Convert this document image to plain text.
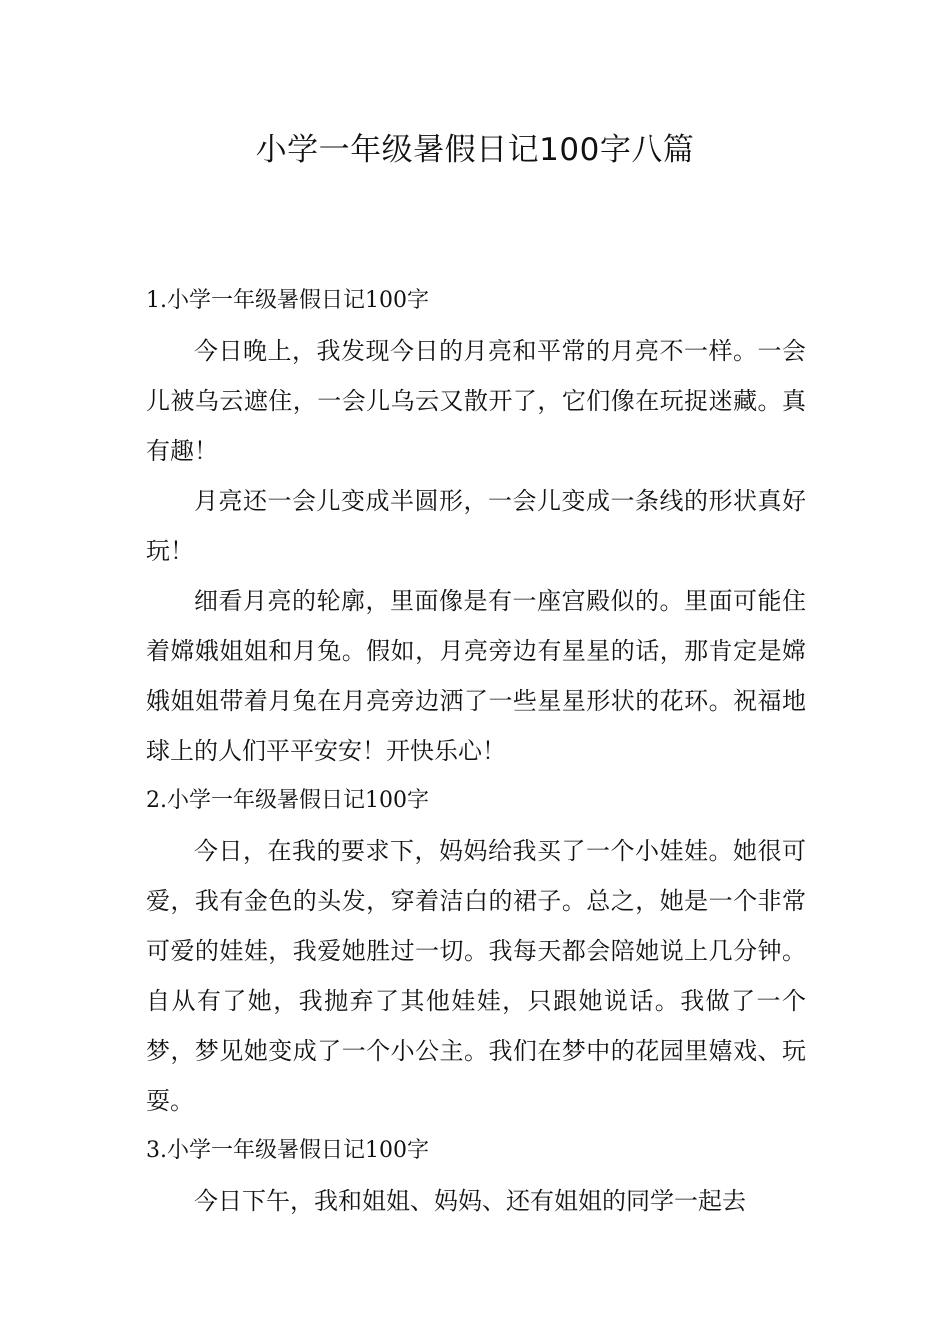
小学一年级暑假日记100字八篇
1.小学一年级暑假日记100字

今日晚上，我发现今日的月亮和平常的月亮不一样。一会儿被乌云遮住，一会儿乌云又散开了，它们像在玩捉迷藏。真有趣！

月亮还一会儿变成半圆形，一会儿变成一条线的形状真好玩！

细看月亮的轮廓，里面像是有一座宫殿似的。里面可能住着嫦娥姐姐和月兔。假如，月亮旁边有星星的话，那肯定是嫦娥姐姐带着月兔在月亮旁边洒了一些星星形状的花环。祝福地球上的人们平平安安！开快乐心！

2.小学一年级暑假日记100字

今日，在我的要求下，妈妈给我买了一个小娃娃。她很可爱，我有金色的头发，穿着洁白的裙子。总之，她是一个非常可爱的娃娃，我爱她胜过一切。我每天都会陪她说上几分钟。自从有了她，我抛弃了其他娃娃，只跟她说话。我做了一个梦，梦见她变成了一个小公主。我们在梦中的花园里嬉戏、玩耍。

3.小学一年级暑假日记100字

今日下午，我和姐姐、妈妈、还有姐姐的同学一起去
